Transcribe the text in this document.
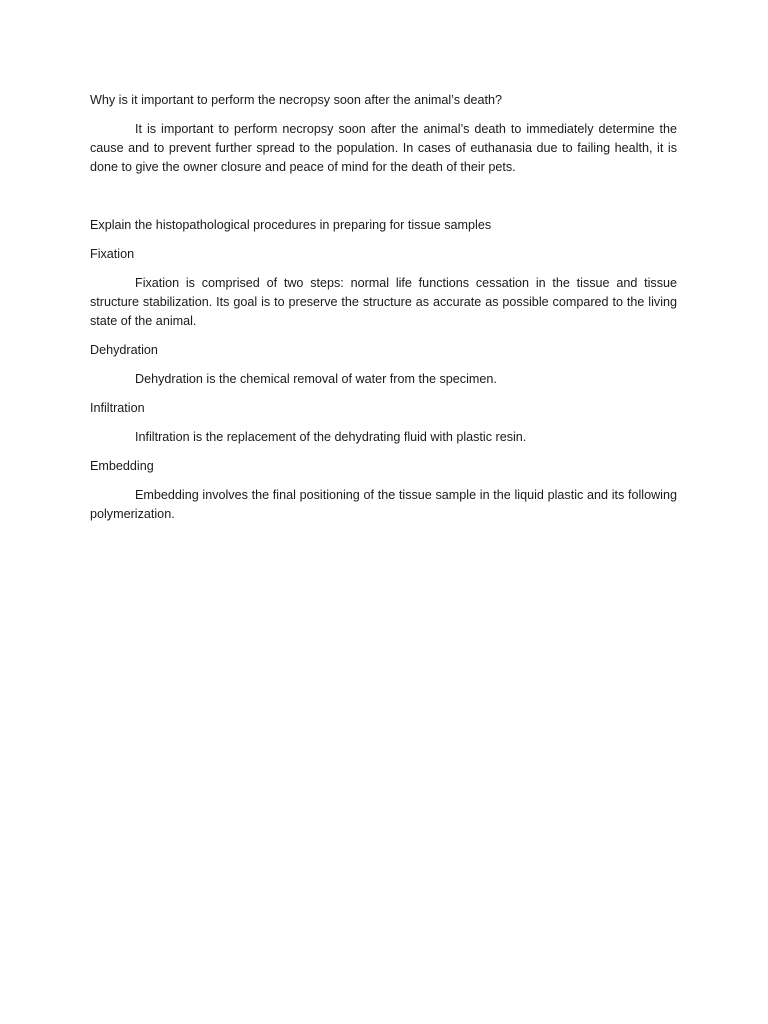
Why is it important to perform the necropsy soon after the animal’s death?

It is important to perform necropsy soon after the animal’s death to immediately determine the cause and to prevent further spread to the population. In cases of euthanasia due to failing health, it is done to give the owner closure and peace of mind for the death of their pets.

Explain the histopathological procedures in preparing for tissue samples

Fixation

Fixation is comprised of two steps: normal life functions cessation in the tissue and tissue structure stabilization. Its goal is to preserve the structure as accurate as possible compared to the living state of the animal.

Dehydration

Dehydration is the chemical removal of water from the specimen.

Infiltration

Infiltration is the replacement of the dehydrating fluid with plastic resin.

Embedding

Embedding involves the final positioning of the tissue sample in the liquid plastic and its following polymerization.
